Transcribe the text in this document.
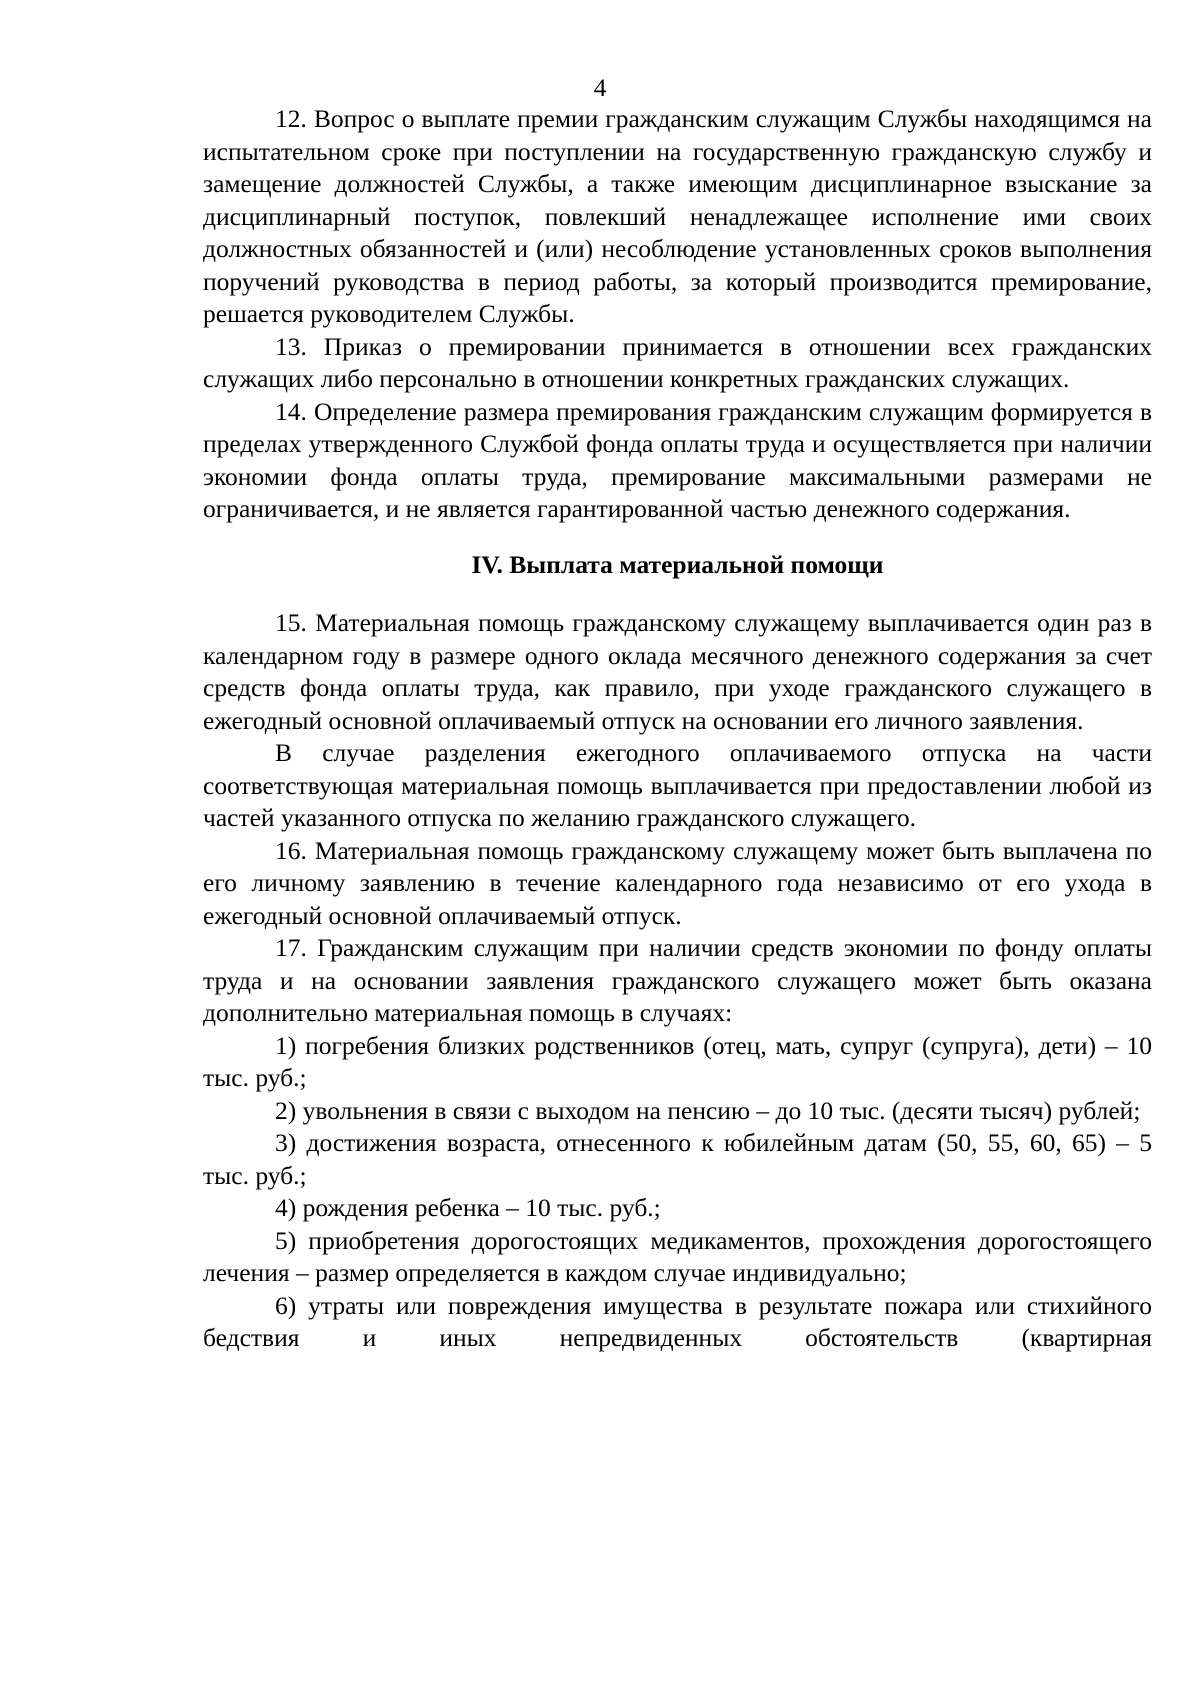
4

12. Вопрос о выплате премии гражданским служащим Службы находящимся на испытательном сроке при поступлении на государственную гражданскую службу и замещение должностей Службы, а также имеющим дисциплинарное взыскание за дисциплинарный поступок, повлекший ненадлежащее исполнение ими своих должностных обязанностей и (или) несоблюдение установленных сроков выполнения поручений руководства в период работы, за который производится премирование, решается руководителем Службы.

13. Приказ о премировании принимается в отношении всех гражданских служащих либо персонально в отношении конкретных гражданских служащих.

14. Определение размера премирования гражданским служащим формируется в пределах утвержденного Службой фонда оплаты труда и осуществляется при наличии экономии фонда оплаты труда, премирование максимальными размерами не ограничивается, и не является гарантированной частью денежного содержания.

IV. Выплата материальной помощи

15. Материальная помощь гражданскому служащему выплачивается один раз в календарном году в размере одного оклада месячного денежного содержания за счет средств фонда оплаты труда, как правило, при уходе гражданского служащего в ежегодный основной оплачиваемый отпуск на основании его личного заявления.

В случае разделения ежегодного оплачиваемого отпуска на части соответствующая материальная помощь выплачивается при предоставлении любой из частей указанного отпуска по желанию гражданского служащего.

16. Материальная помощь гражданскому служащему может быть выплачена по его личному заявлению в течение календарного года независимо от его ухода в ежегодный основной оплачиваемый отпуск.

17. Гражданским служащим при наличии средств экономии по фонду оплаты труда и на основании заявления гражданского служащего может быть оказана дополнительно материальная помощь в случаях:

1) погребения близких родственников (отец, мать, супруг (супруга), дети) – 10 тыс. руб.;

2) увольнения в связи с выходом на пенсию – до 10 тыс. (десяти тысяч) рублей;

3) достижения возраста, отнесенного к юбилейным датам (50, 55, 60, 65) – 5 тыс. руб.;

4) рождения ребенка – 10 тыс. руб.;

5) приобретения дорогостоящих медикаментов, прохождения дорогостоящего лечения – размер определяется в каждом случае индивидуально;

6) утраты или повреждения имущества в результате пожара или стихийного бедствия и иных непредвиденных обстоятельств (квартирная
